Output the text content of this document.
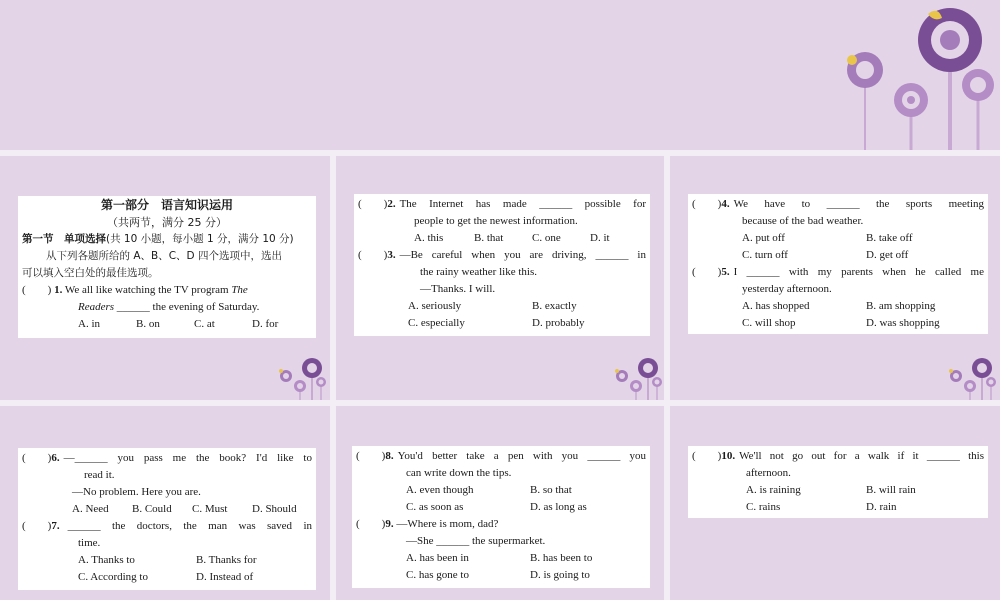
第一部分　语言知识运用
（共两节，满分 25 分）
第一节　单项选择(共 10 小题，每小题 1 分，满分 10 分)
从下列各题所给的 A、B、C、D 四个选项中，选出
可以填入空白处的最佳选项。
(　　) 1. We all like watching the TV program The
Readers ______ the evening of Saturday.
A. in	B. on	C. at	D. for
(　　)2. The Internet has made ______ possible for
people to get the newest information.
A. this	B. that	C. one	D. it
(　　)3. —Be careful when you are driving, ______ in
the rainy weather like this.
—Thanks. I will.
A. seriously	B. exactly
C. especially	D. probably
(　　)4. We have to ______ the sports meeting
because of the bad weather.
A. put off	B. take off
C. turn off	D. get off
(　　)5. I ______ with my parents when he called me
yesterday afternoon.
A. has shopped	B. am shopping
C. will shop	D. was shopping
(　　)6. —______ you pass me the book? I'd like to
read it.
—No problem. Here you are.
A. Need	B. Could	C. Must	D. Should
(　　)7. ______ the doctors, the man was saved in
time.
A. Thanks to	B. Thanks for
C. According to	D. Instead of
(　　)8. You'd better take a pen with you ______ you
can write down the tips.
A. even though	B. so that
C. as soon as	D. as long as
(　　)9. —Where is mom, dad?
—She ______ the supermarket.
A. has been in	B. has been to
C. has gone to	D. is going to
(　　)10. We'll not go out for a walk if it ______ this
afternoon.
A. is raining	B. will rain
C. rains	D. rain
